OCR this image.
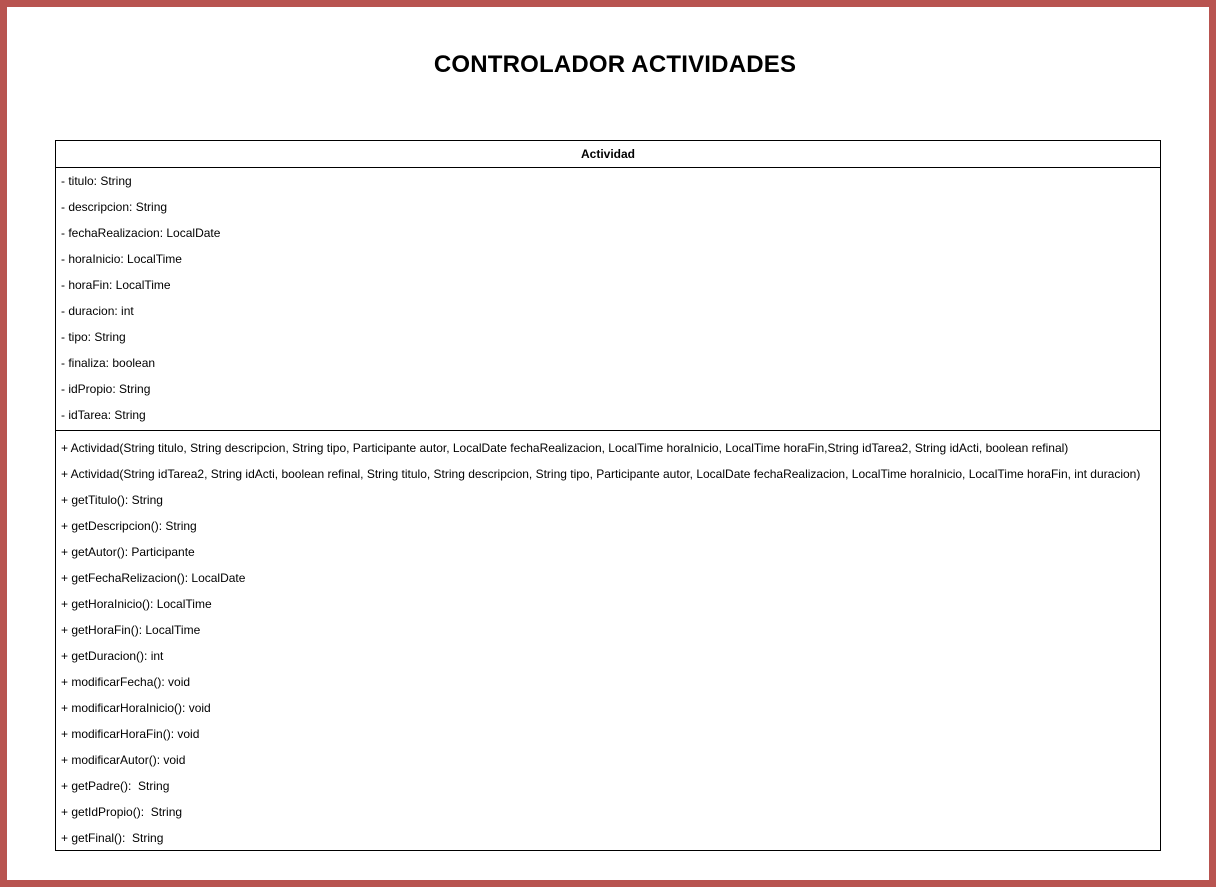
CONTROLADOR ACTIVIDADES
Actividad
- titulo: String
- descripcion: String
- fechaRealizacion: LocalDate
- horaInicio: LocalTime
- horaFin: LocalTime
- duracion: int
- tipo: String
- finaliza: boolean
- idPropio: String
- idTarea: String
+ Actividad(String titulo, String descripcion, String tipo, Participante autor, LocalDate fechaRealizacion, LocalTime horaInicio, LocalTime horaFin,String idTarea2, String idActi, boolean refinal)
+ Actividad(String idTarea2, String idActi, boolean refinal, String titulo, String descripcion, String tipo, Participante autor, LocalDate fechaRealizacion, LocalTime horaInicio, LocalTime horaFin, int duracion)
+ getTitulo(): String
+ getDescripcion(): String
+ getAutor(): Participante
+ getFechaRelizacion(): LocalDate
+ getHoraInicio(): LocalTime
+ getHoraFin(): LocalTime
+ getDuracion(): int
+ modificarFecha(): void
+ modificarHoraInicio(): void
+ modificarHoraFin(): void
+ modificarAutor(): void
+ getPadre():  String
+ getIdPropio():  String
+ getFinal():  String
